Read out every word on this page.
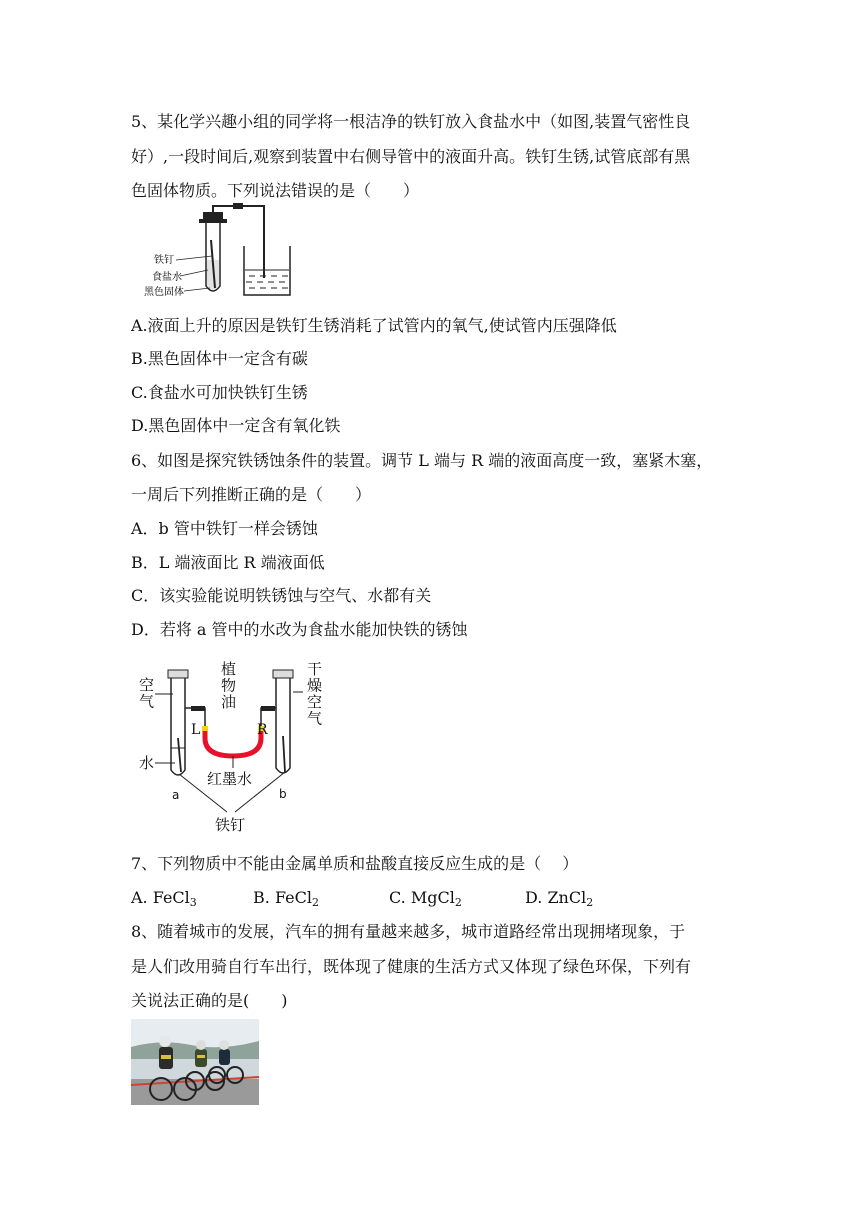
5、某化学兴趣小组的同学将一根洁净的铁钉放入食盐水中（如图,装置气密性良
好）,一段时间后,观察到装置中右侧导管中的液面升高。铁钉生锈,试管底部有黑
色固体物质。下列说法错误的是（　　）
铁钉
食盐水
黑色固体
A.液面上升的原因是铁钉生锈消耗了试管内的氧气,使试管内压强降低
B.黑色固体中一定含有碳
C.食盐水可加快铁钉生锈
D.黑色固体中一定含有氧化铁
6、如图是探究铁锈蚀条件的装置。调节 L 端与 R 端的液面高度一致，塞紧木塞，
一周后下列推断正确的是（　　）
A．b 管中铁钉一样会锈蚀
B．L 端液面比 R 端液面低
C．该实验能说明铁锈蚀与空气、水都有关
D．若将 a 管中的水改为食盐水能加快铁的锈蚀
空气
植物油
干燥空气
L	R
水
红墨水
a	b
铁钉
7、下列物质中不能由金属单质和盐酸直接反应生成的是（　 ）
A. FeCl$_3$	B. FeCl$_2$	C. MgCl$_2$	D. ZnCl$_2$
8、随着城市的发展，汽车的拥有量越来越多，城市道路经常出现拥堵现象，于
是人们改用骑自行车出行，既体现了健康的生活方式又体现了绿色环保，下列有
关说法正确的是(　　)
